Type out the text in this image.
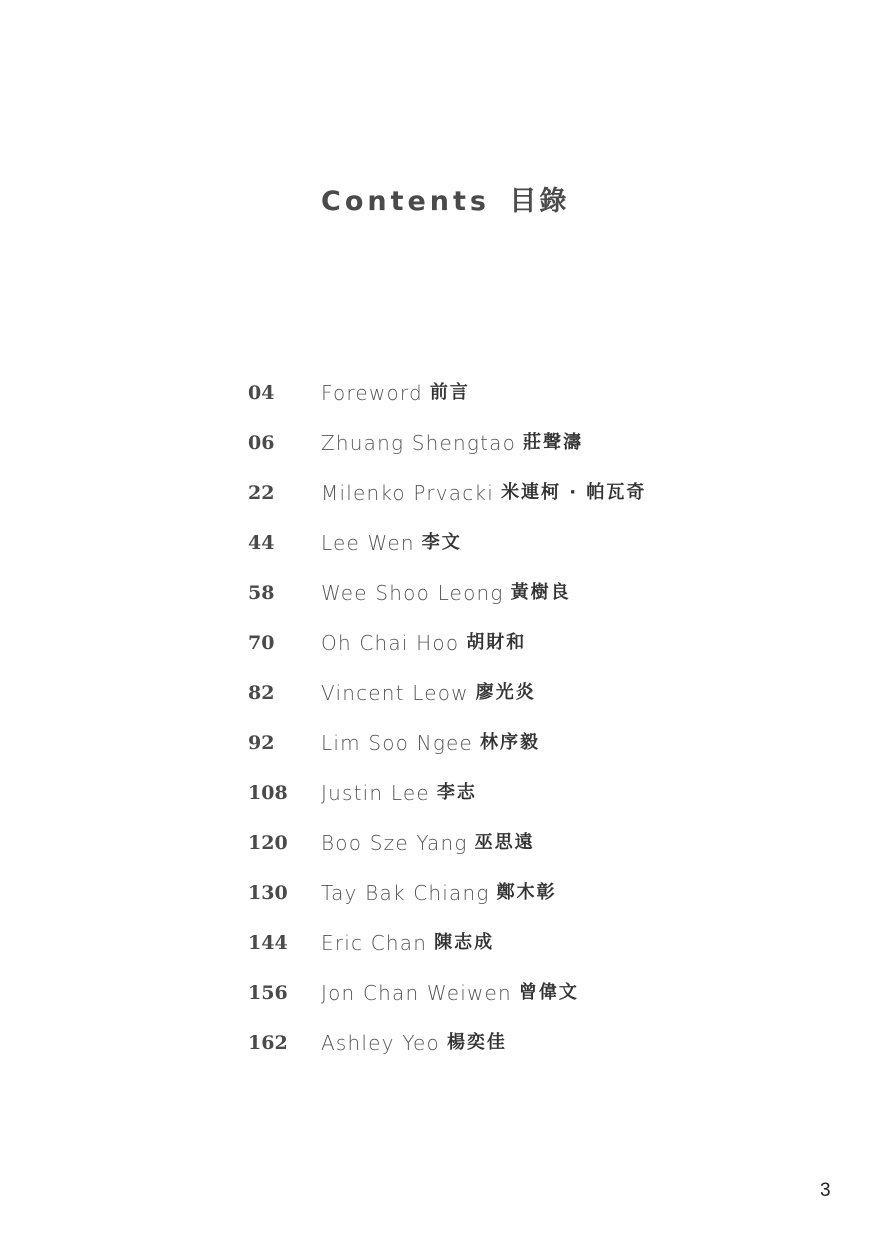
Contents 目錄
04	Foreword 前言
06	Zhuang Shengtao 莊聲濤
22	Milenko Prvacki 米連柯 · 帕瓦奇
44	Lee Wen 李文
58	Wee Shoo Leong 黃樹良
70	Oh Chai Hoo 胡財和
82	Vincent Leow 廖光炎
92	Lim Soo Ngee 林序毅
108	Justin Lee 李志
120	Boo Sze Yang 巫思遠
130	Tay Bak Chiang 鄭木彰
144	Eric Chan 陳志成
156	Jon Chan Weiwen 曾偉文
162	Ashley Yeo 楊奕佳
3
